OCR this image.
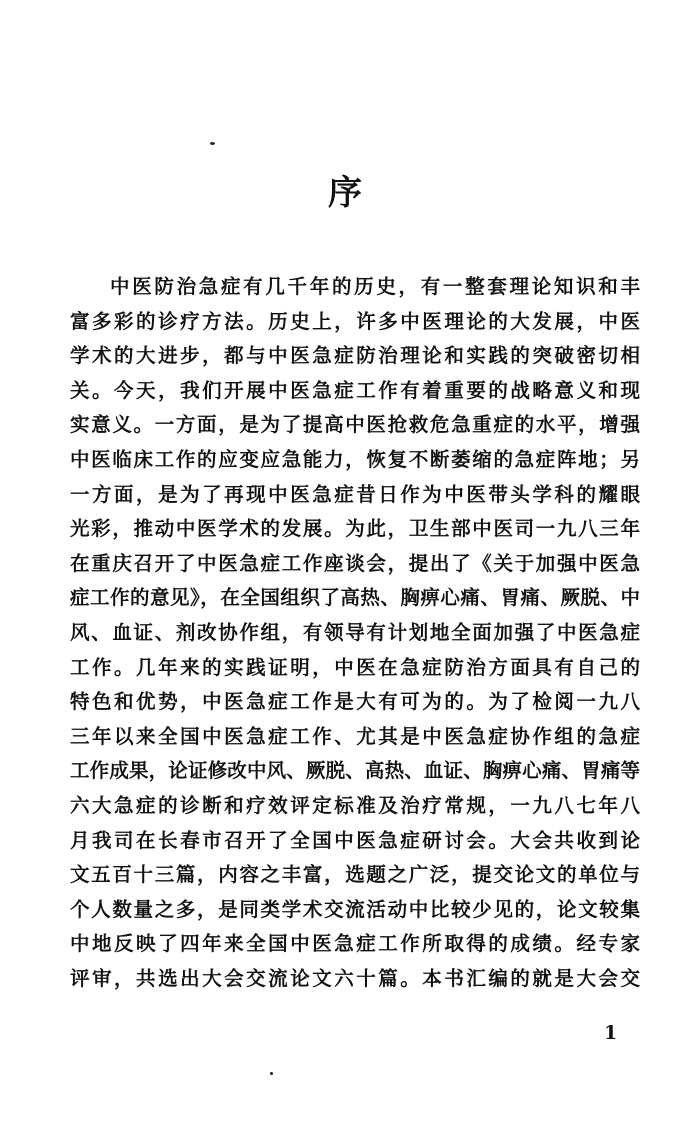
序
中医防治急症有几千年的历史，有一整套理论知识和丰
富多彩的诊疗方法。历史上，许多中医理论的大发展，中医
学术的大进步，都与中医急症防治理论和实践的突破密切相
关。今天，我们开展中医急症工作有着重要的战略意义和现
实意义。一方面，是为了提高中医抢救危急重症的水平，增强
中医临床工作的应变应急能力，恢复不断萎缩的急症阵地；另
一方面，是为了再现中医急症昔日作为中医带头学科的耀眼
光彩，推动中医学术的发展。为此，卫生部中医司一九八三年
在重庆召开了中医急症工作座谈会，提出了《关于加强中医急
症工作的意见》，在全国组织了高热、胸痹心痛、胃痛、厥脱、中
风、血证、剂改协作组，有领导有计划地全面加强了中医急症
工作。几年来的实践证明，中医在急症防治方面具有自己的
特色和优势，中医急症工作是大有可为的。为了检阅一九八
三年以来全国中医急症工作、尤其是中医急症协作组的急症
工作成果，论证修改中风、厥脱、高热、血证、胸痹心痛、胃痛等
六大急症的诊断和疗效评定标准及治疗常规，一九八七年八
月我司在长春市召开了全国中医急症研讨会。大会共收到论
文五百十三篇，内容之丰富，选题之广泛，提交论文的单位与
个人数量之多，是同类学术交流活动中比较少见的，论文较集
中地反映了四年来全国中医急症工作所取得的成绩。经专家
评审，共选出大会交流论文六十篇。本书汇编的就是大会交
1
